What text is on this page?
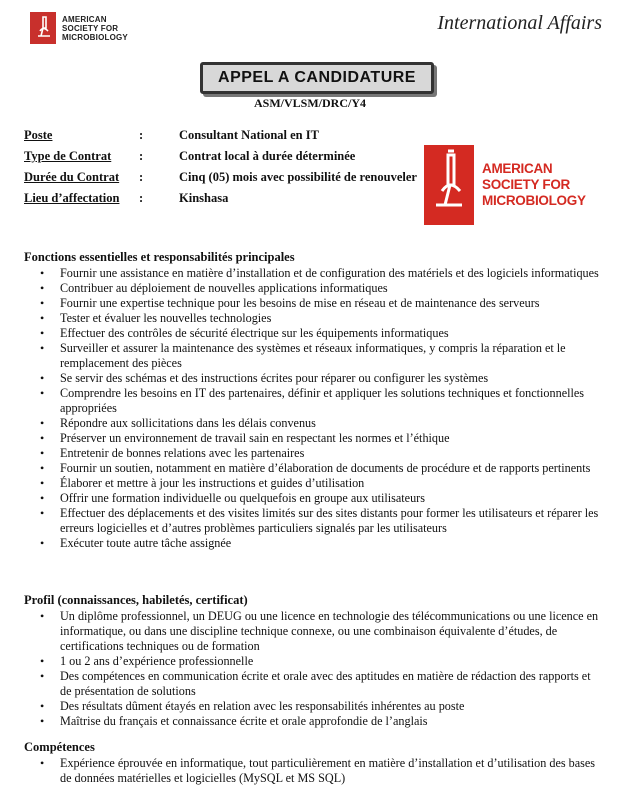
AMERICAN
SOCIETY FOR
MICROBIOLOGY
International Affairs
APPEL A CANDIDATURE
ASM/VLSM/DRC/Y4
Poste	:	Consultant National en IT
Type de Contrat	:	Contrat local à durée déterminée
Durée du Contrat	:	Cinq (05) mois avec possibilité de renouveler
Lieu d’affectation	:	Kinshasa
AMERICAN
SOCIETY FOR
MICROBIOLOGY
Fonctions essentielles et responsabilités principales
• Fournir une assistance en matière d’installation et de configuration des matériels et des logiciels informatiques
• Contribuer au déploiement de nouvelles applications informatiques
• Fournir une expertise technique pour les besoins de mise en réseau et de maintenance des serveurs
• Tester et évaluer les nouvelles technologies
• Effectuer des contrôles de sécurité électrique sur les équipements informatiques
• Surveiller et assurer la maintenance des systèmes et réseaux informatiques, y compris la réparation et le remplacement des pièces
• Se servir des schémas et des instructions écrites pour réparer ou configurer les systèmes
• Comprendre les besoins en IT des partenaires, définir et appliquer les solutions techniques et fonctionnelles appropriées
• Répondre aux sollicitations dans les délais convenus
• Préserver un environnement de travail sain en respectant les normes et l’éthique
• Entretenir de bonnes relations avec les partenaires
• Fournir un soutien, notamment en matière d’élaboration de documents de procédure et de rapports pertinents
• Élaborer et mettre à jour les instructions et guides d’utilisation
• Offrir une formation individuelle ou quelquefois en groupe aux utilisateurs
• Effectuer des déplacements et des visites limités sur des sites distants pour former les utilisateurs et réparer les erreurs logicielles et d’autres problèmes particuliers signalés par les utilisateurs
• Exécuter toute autre tâche assignée
Profil (connaissances, habiletés, certificat)
• Un diplôme professionnel, un DEUG ou une licence en technologie des télécommunications ou une licence en informatique, ou dans une discipline technique connexe, ou une combinaison équivalente d’études, de certifications techniques ou de formation
• 1 ou 2 ans d’expérience professionnelle
• Des compétences en communication écrite et orale avec des aptitudes en matière de rédaction des rapports et de présentation de solutions
• Des résultats dûment étayés en relation avec les responsabilités inhérentes au poste
• Maîtrise du français et connaissance écrite et orale approfondie de l’anglais
Compétences
• Expérience éprouvée en informatique, tout particulièrement en matière d’installation et d’utilisation des bases de données matérielles et logicielles (MySQL et MS SQL)
